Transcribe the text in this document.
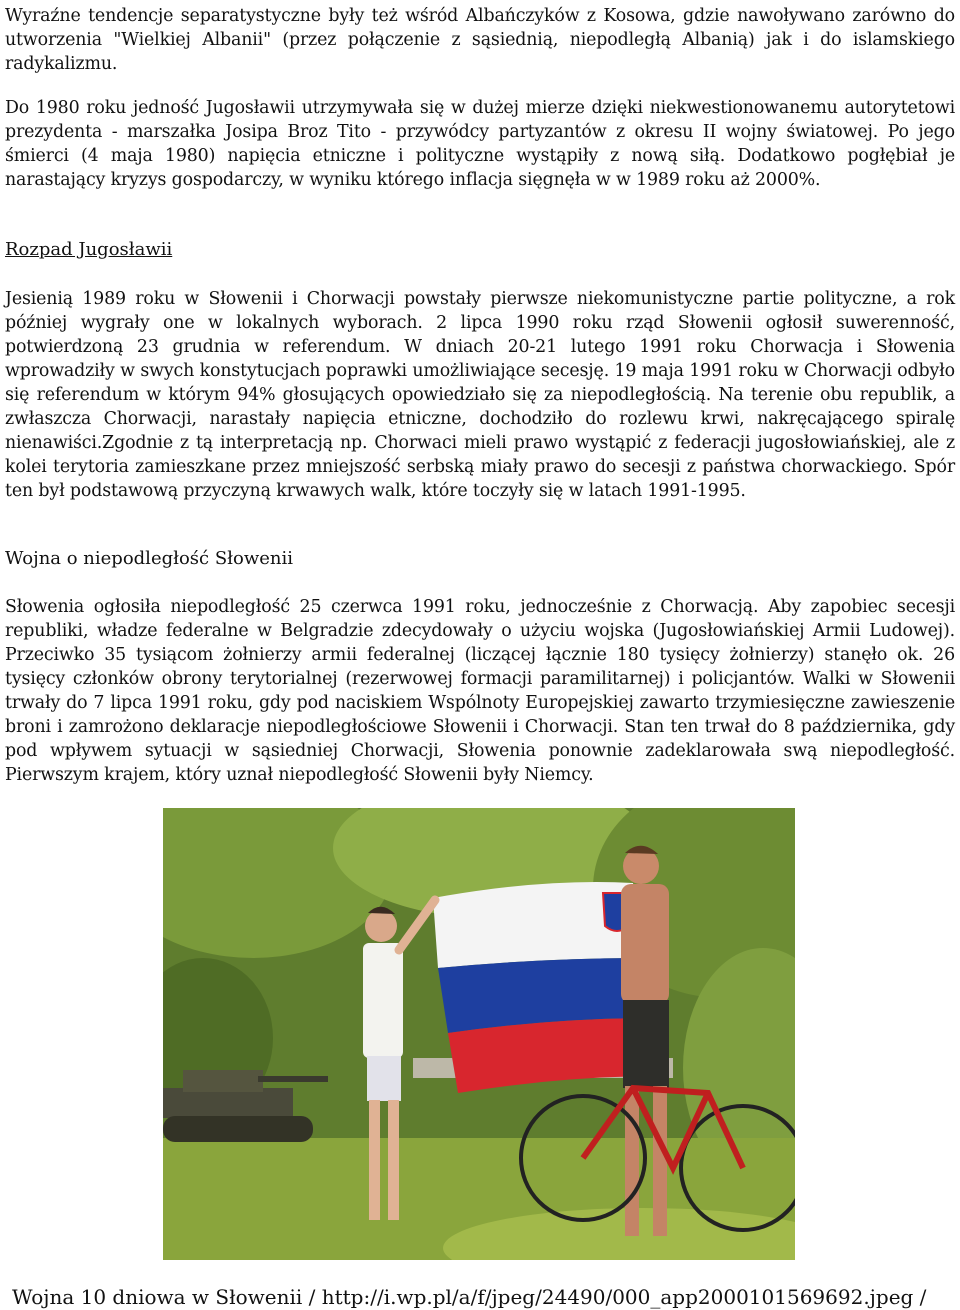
Wyraźne tendencje separatystyczne były też wśród Albańczyków z Kosowa, gdzie nawoływano zarówno do utworzenia "Wielkiej Albanii" (przez połączenie z sąsiednią, niepodległą Albanią) jak i do islamskiego radykalizmu.

Do 1980 roku jedność Jugosławii utrzymywała się w dużej mierze dzięki niekwestionowanemu autorytetowi prezydenta - marszałka Josipa Broz Tito - przywódcy partyzantów z okresu II wojny światowej. Po jego śmierci (4 maja 1980) napięcia etniczne i polityczne wystąpiły z nową siłą. Dodatkowo pogłębiał je narastający kryzys gospodarczy, w wyniku którego inflacja sięgnęła w w 1989 roku aż 2000%.

Rozpad Jugosławii

Jesienią 1989 roku w Słowenii i Chorwacji powstały pierwsze niekomunistyczne partie polityczne, a rok później wygrały one w lokalnych wyborach. 2 lipca 1990 roku rząd Słowenii ogłosił suwerenność, potwierdzoną 23 grudnia w referendum. W dniach 20-21 lutego 1991 roku Chorwacja i Słowenia wprowadziły w swych konstytucjach poprawki umożliwiające secesję. 19 maja 1991 roku w Chorwacji odbyło się referendum w którym 94% głosujących opowiedziało się za niepodległością. Na terenie obu republik, a zwłaszcza Chorwacji, narastały napięcia etniczne, dochodziło do rozlewu krwi, nakręcającego spiralę nienawiści.Zgodnie z tą interpretacją np. Chorwaci mieli prawo wystąpić z federacji jugosłowiańskiej, ale z kolei terytoria zamieszkane przez mniejszość serbską miały prawo do secesji z państwa chorwackiego. Spór ten był podstawową przyczyną krwawych walk, które toczyły się w latach 1991-1995.

Wojna o niepodległość Słowenii

Słowenia ogłosiła niepodległość 25 czerwca 1991 roku, jednocześnie z Chorwacją. Aby zapobiec secesji republiki, władze federalne w Belgradzie zdecydowały o użyciu wojska (Jugosłowiańskiej Armii Ludowej). Przeciwko 35 tysiącom żołnierzy armii federalnej (liczącej łącznie 180 tysięcy żołnierzy) stanęło ok. 26 tysięcy członków obrony terytorialnej (rezerwowej formacji paramilitarnej) i policjantów. Walki w Słowenii trwały do 7 lipca 1991 roku, gdy pod naciskiem Wspólnoty Europejskiej zawarto trzymiesięczne zawieszenie broni i zamrożono deklaracje niepodległościowe Słowenii i Chorwacji. Stan ten trwał do 8 października, gdy pod wpływem sytuacji w sąsiedniej Chorwacji, Słowenia ponownie zadeklarowała swą niepodległość. Pierwszym krajem, który uznał niepodległość Słowenii były Niemcy.

Wojna 10 dniowa w Słowenii / http://i.wp.pl/a/f/jpeg/24490/000_app2000101569692.jpeg /
